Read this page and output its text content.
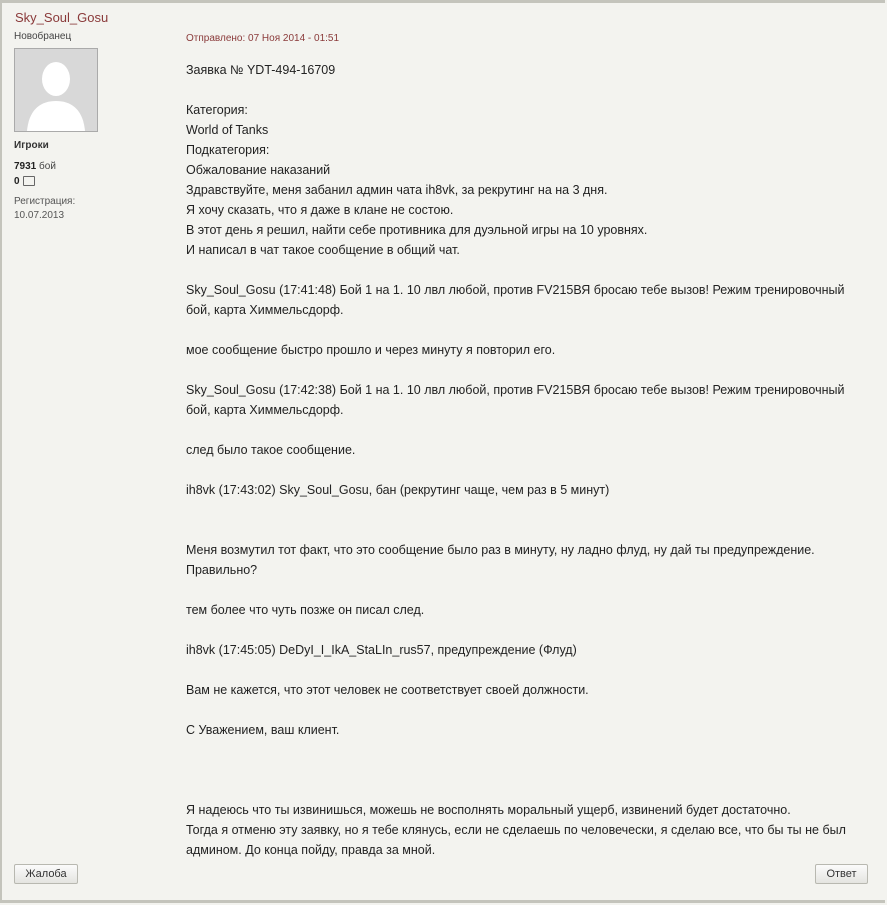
Sky_Soul_Gosu
Новобранец
Игроки
7931 бой
0
Регистрация:
10.07.2013
Отправлено: 07 Ноя 2014 - 01:51

Заявка № YDT-494-16709

Категория:

World of Tanks

Подкатегория:

Обжалование наказаний

Здравствуйте, меня забанил админ чата ih8vk, за рекрутинг на на 3 дня.

Я хочу сказать, что я даже в клане не состою.

В этот день я решил, найти себе противника для дуэльной игры на 10 уровнях.

И написал в чат такое сообщение в общий чат.

Sky_Soul_Gosu (17:41:48) Бой 1 на 1. 10 лвл любой, против FV215ВЯ бросаю тебе вызов! Режим тренировочный

бой, карта Химмельсдорф.

мое сообщение быстро прошло и через минуту я повторил его.

Sky_Soul_Gosu (17:42:38) Бой 1 на 1. 10 лвл любой, против FV215ВЯ бросаю тебе вызов! Режим тренировочный

бой, карта Химмельсдорф.

след было такое сообщение.

ih8vk (17:43:02) Sky_Soul_Gosu, бан (рекрутинг чаще, чем раз в 5 минут)

Меня возмутил тот факт, что это сообщение было раз в минуту, ну ладно флуд, ну дай ты предупреждение.

Правильно?

тем более что чуть позже он писал след.

ih8vk (17:45:05) DeDyI_I_IkA_StaLIn_rus57, предупреждение (Флуд)

Вам не кажется, что этот человек не соответствует своей должности.

С Уважением, ваш клиент.

Я надеюсь что ты извинишься, можешь не восполнять моральный ущерб, извинений будет достаточно.

Тогда я отменю эту заявку, но я тебе клянусь, если не сделаешь по человечески, я сделаю все, что бы ты не был

админом. До конца пойду, правда за мной.

Жалоба	Ответ
